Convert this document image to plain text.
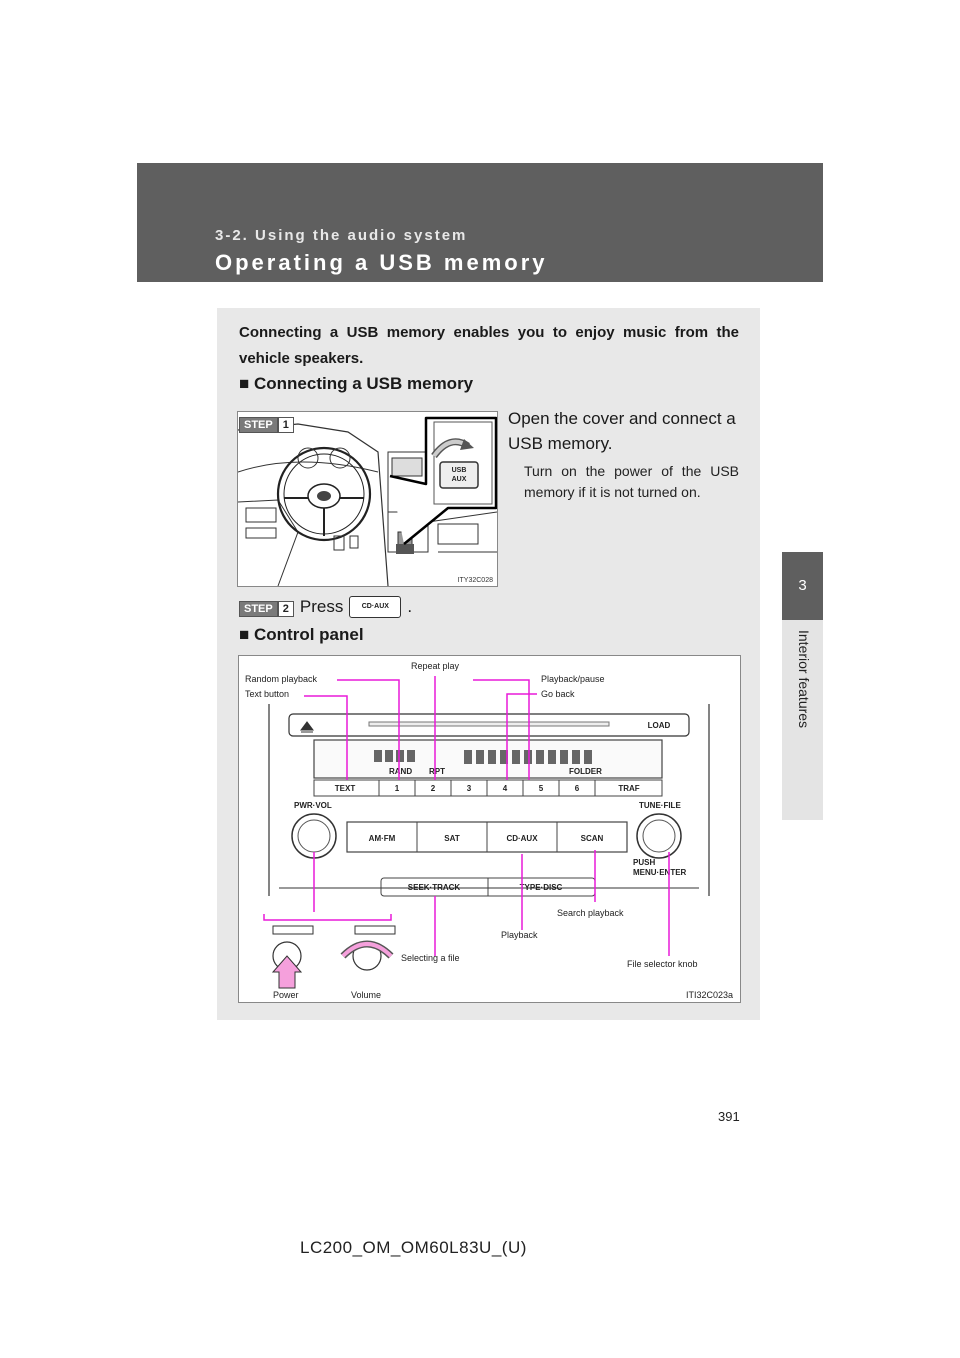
3-2. Using the audio system
Operating a USB memory
3
Interior features
Connecting a USB memory enables you to enjoy music from the vehicle speakers.
■ Connecting a USB memory
USB
AUX
ITY32C028
STEP 1	Open the cover and connect a USB memory.
Turn on the power of the USB memory if it is not turned on.
STEP 2 Press	CD·AUX	.
■ Control panel
LOAD
RAND RPT	FOLDER
TEXT	1	2	3	4	5	6	TRAF
PWR·VOL	TUNE·FILE
AM·FM	SAT	CD·AUX	SCAN
PUSH
MENU·ENTER
SEEK·TRACK	TYPE·DISC
Random playback
Text button
Repeat play
Playback/pause
Go back
Search playback
Playback
Selecting a file
File selector knob
Power	Volume	ITI32C023a
391
LC200_OM_OM60L83U_(U)
